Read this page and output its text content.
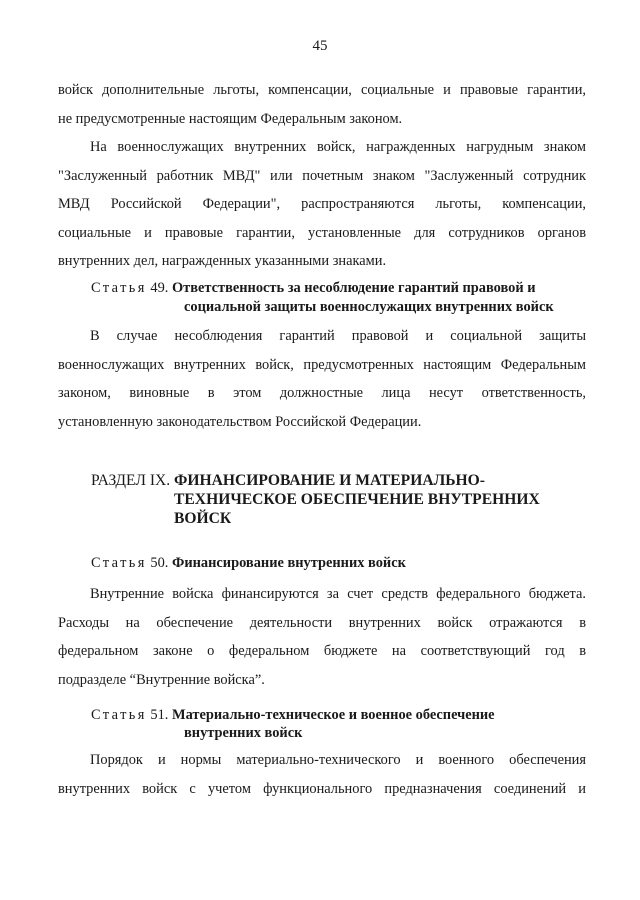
45
войск дополнительные льготы, компенсации, социальные и правовые гарантии,
не предусмотренные настоящим Федеральным законом.
На военнослужащих внутренних войск, награжденных нагрудным знаком
"Заслуженный работник МВД" или почетным знаком "Заслуженный сотрудник
МВД Российской Федерации", распространяются льготы, компенсации,
социальные и правовые гарантии, установленные для сотрудников органов
внутренних дел, награжденных указанными знаками.
Статья 49. Ответственность за несоблюдение гарантий правовой и
социальной защиты военнослужащих внутренних войск
В случае несоблюдения гарантий правовой и социальной защиты
военнослужащих внутренних войск, предусмотренных настоящим Федеральным
законом, виновные в этом должностные лица несут ответственность,
установленную законодательством Российской Федерации.
РАЗДЕЛ IX. ФИНАНСИРОВАНИЕ И МАТЕРИАЛЬНО-
ТЕХНИЧЕСКОЕ ОБЕСПЕЧЕНИЕ ВНУТРЕННИХ
ВОЙСК
Статья 50. Финансирование внутренних войск
Внутренние войска финансируются за счет средств федерального бюджета.
Расходы на обеспечение деятельности внутренних войск отражаются в
федеральном законе о федеральном бюджете на соответствующий год в
подразделе “Внутренние войска”.
Статья 51. Материально-техническое и военное обеспечение
внутренних войск
Порядок и нормы материально-технического и военного обеспечения
внутренних войск с учетом функционального предназначения соединений и
